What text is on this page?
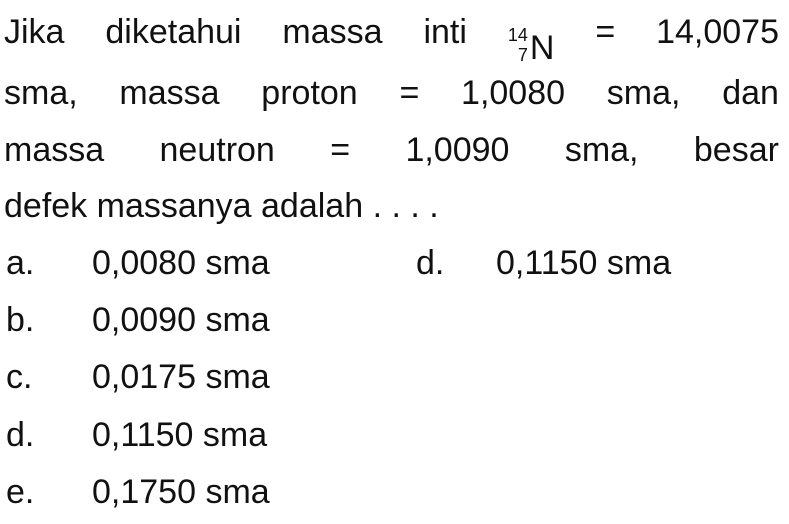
Jika diketahui massa inti 14
7 N = 14,0075
sma, massa proton = 1,0080 sma, dan
massa neutron = 1,0090 sma, besar
defek massanya adalah . . . .
a. 0,0080 sma	d. 0,1150 sma
b. 0,0090 sma
c. 0,0175 sma
d. 0,1150 sma
e. 0,1750 sma
